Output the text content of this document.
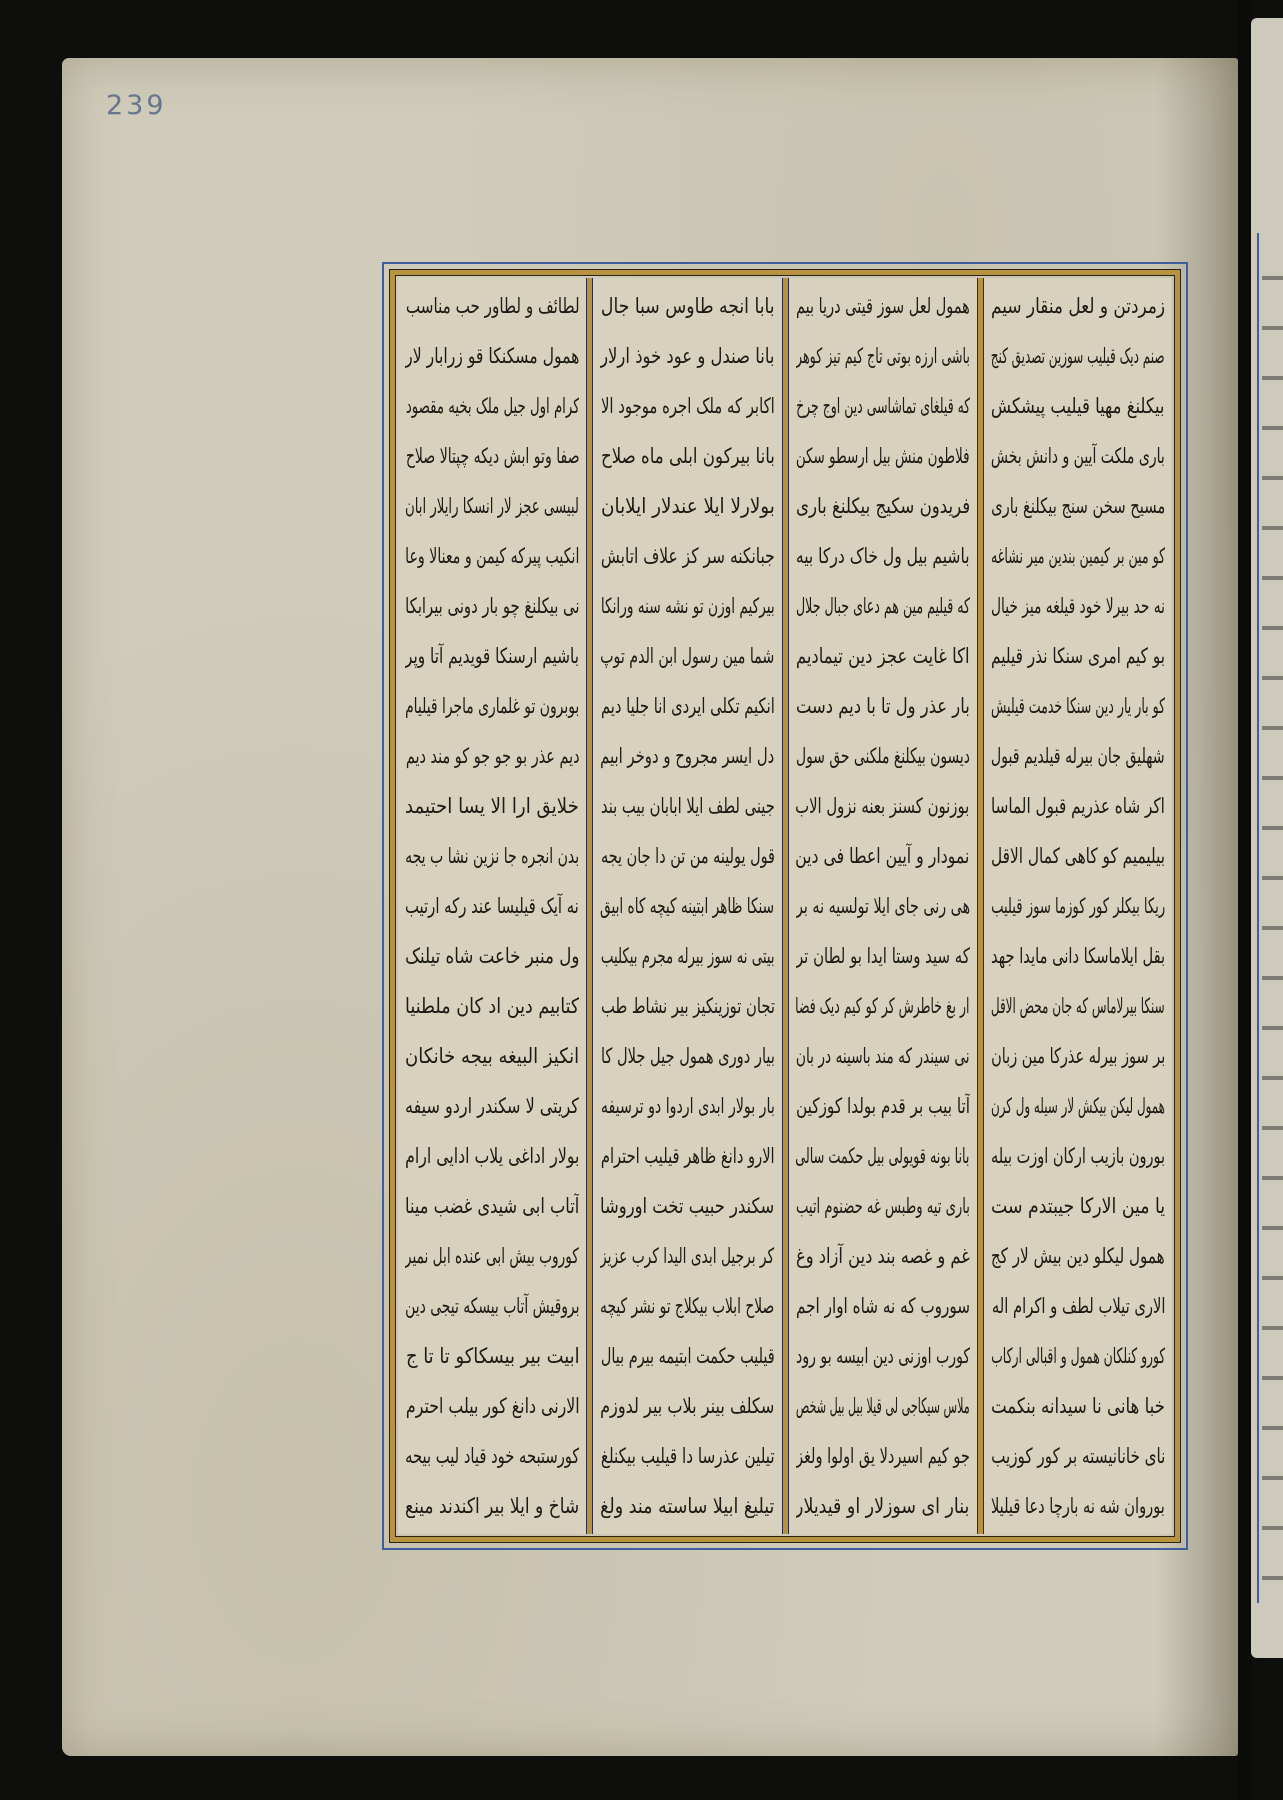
239
زمردتن و لعل منقار سیم
صنم دیک قیلیب سوزین تصدیق کنج
بیکلنغ مهیا قیلیب پیشکش
باری ملکت آیین و دانش بخش
مسیح سخن سنج بیکلنغ باری
کو مین بر کیمین بندین میر نشاغه
نه حد بیرلا خود قیلغه میز خیال
بو کیم امری سنکا نذر قیلیم
کو بار یار دین سنکا خدمت قیلیش
شهلیق جان بیرله قیلدیم قبول
اکر شاه عذریم قبول الماسا
بیلیمیم کو کاهی کمال الاقل
ریکا بیکلر کور کوزما سوز قیلیب
بقل ایلاماسکا دانی مایدا جهد
سنکا بیرلاماس که جان محض الاقل
بر سوز بیرله عذرکا مین زبان
همول لیکن بیکش لار سیله ول کرن
بورون بازیب ارکان اوزت بیله
یا مین الارکا جیبتدم ست
همول لیکلو دین بیش لار کج
الاری تیلاب لطف و اکرام اله
کورو کنلکان همول و اقبالی ارکاب
خبا هانی نا سیدانه بنکمت
نای خانانیسته بر کور کوزیب
بوروان شه نه بارچا دعا قیلیلا
همول لعل سوز قیتی دریا بیم
باشی ارزه بوتی تاج کیم تیز کوهر
که قیلغای تماشاسی دین اوج چرخ
فلاطون منش بیل ارسطو سکن
فریدون سکیج بیکلنغ باری
باشیم بیل ول خاک درکا بیه
که قیلیم مین هم دعای جبال جلال
اکا غایت عجز دین تیمادیم
بار عذر ول تا با دیم دست
دیسون بیکلنغ ملکنی حق سول
بوزنون کسنز بعنه نزول الاب
نمودار و آیین اعطا فی دین
هی رنی جای ایلا تولسیه نه بر
که سید وستا ایدا بو لطان تر
ار بغ خاطرش کر کو کیم دیک فضا
نی سیندر که مند باسینه در بان
آتا بیب بر قدم بولدا کوزکین
بانا بونه قویولی بیل حکمت سالی
باری تیه وطبس غه حضنوم اتیب
غم و غصه بند دین آزاد وغ
سوروب که نه شاه اوار اجم
کورب اوزنی دین ابیسه بو رود
ملاس سیکاجی لی قیلا بیل بیل شخص
جو کیم اسیردلا یق اولوا ولغز
بنار ای سوزلار او قیدیلار
بابا انجه طاوس سبا جال
بانا صندل و عود خوذ ارلار
اکابر که ملک اجره موجود الا
بانا بیرکون ابلی ماه صلاح
بولارلا ایلا عندلار ایلابان
جبانکنه سر کز علاف اتابش
بیرکیم اوزن تو نشه سنه ورانکا
شما مین رسول ابن الدم توپ
انکیم تکلی ایردی انا جلیا دیم
دل ایسر مجروح و دوخر ابیم
جینی لطف ایلا ابابان بیب بند
قول یولینه من تن دا جان یجه
سنکا ظاهر ابتینه کیچه کاه ابیق
بیتی نه سوز بیرله مجرم بیکلیب
تجان توزینکیز بیر نشاط طب
بیار دوری همول جیل جلال کا
بار بولار ابدی اردوا دو ترسیفه
الارو دانغ ظاهر قیلیب احترام
سکندر حبیب تخت اوروشا
کر برجیل ابدی الیدا کرب عزیز
صلاح ابلاب بیکلاج تو نشر کیچه
قیلیب حکمت ابتیمه بیرم بیال
سکلف بینر بلاب بیر لدوزم
تیلین عذرسا دا قیلیب بیکنلغ
تیلیغ ابیلا ساسته مند ولغ
لطائف و لطاور حب مناسب
همول مسکنکا قو زرابار لار
کرام اول جیل ملک بخیه مقصود
صفا وتو ابش دیکه چپتالا صلاح
لبیسی عجز لار انسکا رایلار ابان
انکیب پیرکه کیمن و معنالا وعا
نی بیکلنغ چو بار دونی بیرابکا
باشیم ارسنکا قویدیم آتا وپر
بوبرون تو غلماری ماجرا قیلیام
دیم عذر بو جو جو کو مند دیم
خلایق ارا الا یسا احتیمد
بدن انجره جا نزین نشا ب یجه
نه آیک قیلیسا عند رکه ارتیب
ول منبر خاعت شاه تیلنک
کتابیم دین اد کان ملطنیا
انکیز البیغه بیجه خانکان
کریتی لا سکندر اردو سیفه
بولار اداغی یلاب ادایی ارام
آتاب ابی شیدی غضب مینا
کوروب بیش ابی عنده ابل نمیر
بروقیش آتاب بیسکه تیجی دین
ابیت بیر بیسکاکو تا تا ج
الارنی دانغ کور بیلب احترم
کورستبحه خود قیاد لیب بیحه
شاخ و ایلا بیر اکندند مینع
